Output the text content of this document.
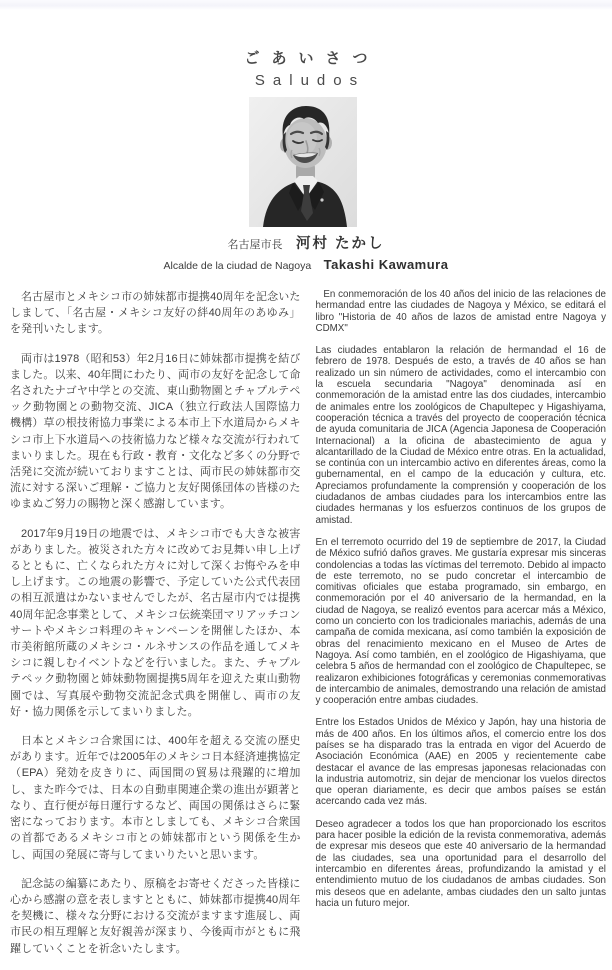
ごあいさつ
Saludos
名古屋市長 河村 たかし
Alcalde de la ciudad de Nagoya Takashi Kawamura

名古屋市とメキシコ市の姉妹都市提携40周年を記念いたしまして、「名古屋・メキシコ友好の絆40周年のあゆみ」を発刊いたします。

両市は1978（昭和53）年2月16日に姉妹都市提携を結びました。以来、40年間にわたり、両市の友好を記念して命名されたナゴヤ中学との交流、東山動物園とチャプルテペック動物園との動物交流、JICA（独立行政法人国際協力機構）草の根技術協力事業による本市上下水道局からメキシコ市上下水道局への技術協力など様々な交流が行われてまいりました。現在も行政・教育・文化など多くの分野で活発に交流が続いておりますことは、両市民の姉妹都市交流に対する深いご理解・ご協力と友好関係団体の皆様のたゆまぬご努力の賜物と深く感謝しています。

2017年9月19日の地震では、メキシコ市でも大きな被害がありました。被災された方々に改めてお見舞い申し上げるとともに、亡くなられた方々に対して深くお悔やみを申し上げます。この地震の影響で、予定していた公式代表団の相互派遣はかないませんでしたが、名古屋市内では提携40周年記念事業として、メキシコ伝統楽団マリアッチコンサートやメキシコ料理のキャンペーンを開催したほか、本市美術館所蔵のメキシコ・ルネサンスの作品を通してメキシコに親しむイベントなどを行いました。また、チャプルテペック動物園と姉妹動物園提携5周年を迎えた東山動物園では、写真展や動物交流記念式典を開催し、両市の友好・協力関係を示してまいりました。

日本とメキシコ合衆国には、400年を超える交流の歴史があります。近年では2005年のメキシコ日本経済連携協定（EPA）発効を皮きりに、両国間の貿易は飛躍的に増加し、また昨今では、日本の自動車関連企業の進出が顕著となり、直行便が毎日運行するなど、両国の関係はさらに緊密になっております。本市としましても、メキシコ合衆国の首都であるメキシコ市との姉妹都市という関係を生かし、両国の発展に寄与してまいりたいと思います。

記念誌の編纂にあたり、原稿をお寄せくださった皆様に心から感謝の意を表しますとともに、姉妹都市提携40周年を契機に、様々な分野における交流がますます進展し、両市民の相互理解と友好親善が深まり、今後両市がともに飛躍していくことを祈念いたします。

En conmemoración de los 40 años del inicio de las relaciones de hermandad entre las ciudades de Nagoya y México, se editará el libro "Historia de 40 años de lazos de amistad entre Nagoya y CDMX"

Las ciudades entablaron la relación de hermandad el 16 de febrero de 1978. Después de esto, a través de 40 años se han realizado un sin número de actividades, como el intercambio con la escuela secundaria "Nagoya" denominada así en conmemoración de la amistad entre las dos ciudades, intercambio de animales entre los zoológicos de Chapultepec y Higashiyama, cooperación técnica a través del proyecto de cooperación técnica de ayuda comunitaria de JICA (Agencia Japonesa de Cooperación Internacional) a la oficina de abastecimiento de agua y alcantarillado de la Ciudad de México entre otras. En la actualidad, se continúa con un intercambio activo en diferentes áreas, como la gubernamental, en el campo de la educación y cultura, etc. Apreciamos profundamente la comprensión y cooperación de los ciudadanos de ambas ciudades para los intercambios entre las ciudades hermanas y los esfuerzos continuos de los grupos de amistad.

En el terremoto ocurrido del 19 de septiembre de 2017, la Ciudad de México sufrió daños graves. Me gustaría expresar mis sinceras condolencias a todas las víctimas del terremoto. Debido al impacto de este terremoto, no se pudo concretar el intercambio de comitivas oficiales que estaba programado, sin embargo, en conmemoración por el 40 aniversario de la hermandad, en la ciudad de Nagoya, se realizó eventos para acercar más a México, como un concierto con los tradicionales mariachis, además de una campaña de comida mexicana, así como también la exposición de obras del renacimiento mexicano en el Museo de Artes de Nagoya. Así como también, en el zoológico de Higashiyama, que celebra 5 años de hermandad con el zoológico de Chapultepec, se realizaron exhibiciones fotográficas y ceremonias conmemorativas de intercambio de animales, demostrando una relación de amistad y cooperación entre ambas ciudades.

Entre los Estados Unidos de México y Japón, hay una historia de más de 400 años. En los últimos años, el comercio entre los dos países se ha disparado tras la entrada en vigor del Acuerdo de Asociación Económica (AAE) en 2005 y recientemente cabe destacar el avance de las empresas japonesas relacionadas con la industria automotriz, sin dejar de mencionar los vuelos directos que operan diariamente, es decir que ambos países se están acercando cada vez más.

Deseo agradecer a todos los que han proporcionado los escritos para hacer posible la edición de la revista conmemorativa, además de expresar mis deseos que este 40 aniversario de la hermandad de las ciudades, sea una oportunidad para el desarrollo del intercambio en diferentes áreas, profundizando la amistad y el entendimiento mutuo de los ciudadanos de ambas ciudades. Son mis deseos que en adelante, ambas ciudades den un salto juntas hacia un futuro mejor.
